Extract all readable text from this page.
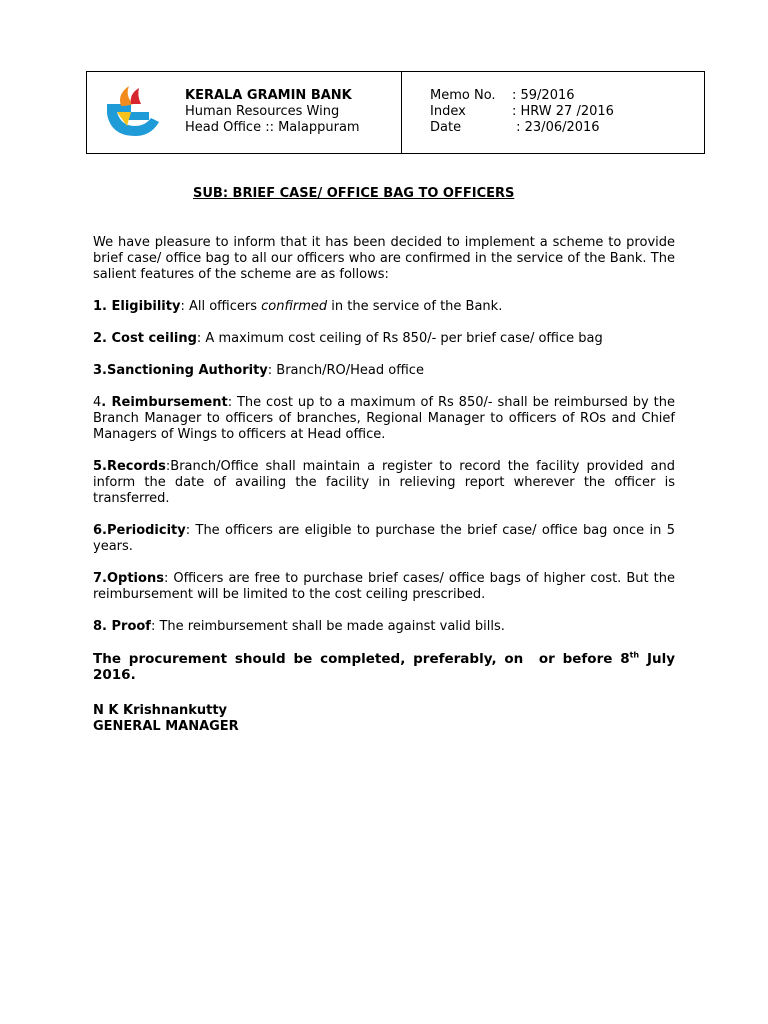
KERALA GRAMIN BANK
Human Resources Wing
Head Office :: Malappuram
Memo No.	: 59/2016
Index	: HRW 27 /2016
Date	: 23/06/2016
SUB: BRIEF CASE/ OFFICE BAG TO OFFICERS

We have pleasure to inform that it has been decided to implement a scheme to provide brief case/ office bag to all our officers who are confirmed in the service of the Bank. The salient features of the scheme are as follows:

1. Eligibility: All officers confirmed in the service of the Bank.

2. Cost ceiling: A maximum cost ceiling of Rs 850/- per brief case/ office bag

3.Sanctioning Authority: Branch/RO/Head office

4. Reimbursement: The cost up to a maximum of Rs 850/- shall be reimbursed by the Branch Manager to officers of branches, Regional Manager to officers of ROs and Chief Managers of Wings to officers at Head office.

5.Records:Branch/Office shall maintain a register to record the facility provided and inform the date of availing the facility in relieving report wherever the officer is transferred.

6.Periodicity: The officers are eligible to purchase the brief case/ office bag once in 5 years.

7.Options: Officers are free to purchase brief cases/ office bags of higher cost. But the reimbursement will be limited to the cost ceiling prescribed.

8. Proof: The reimbursement shall be made against valid bills.

The procurement should be completed, preferably, on  or before 8th July 2016.

N K Krishnankutty
GENERAL MANAGER
